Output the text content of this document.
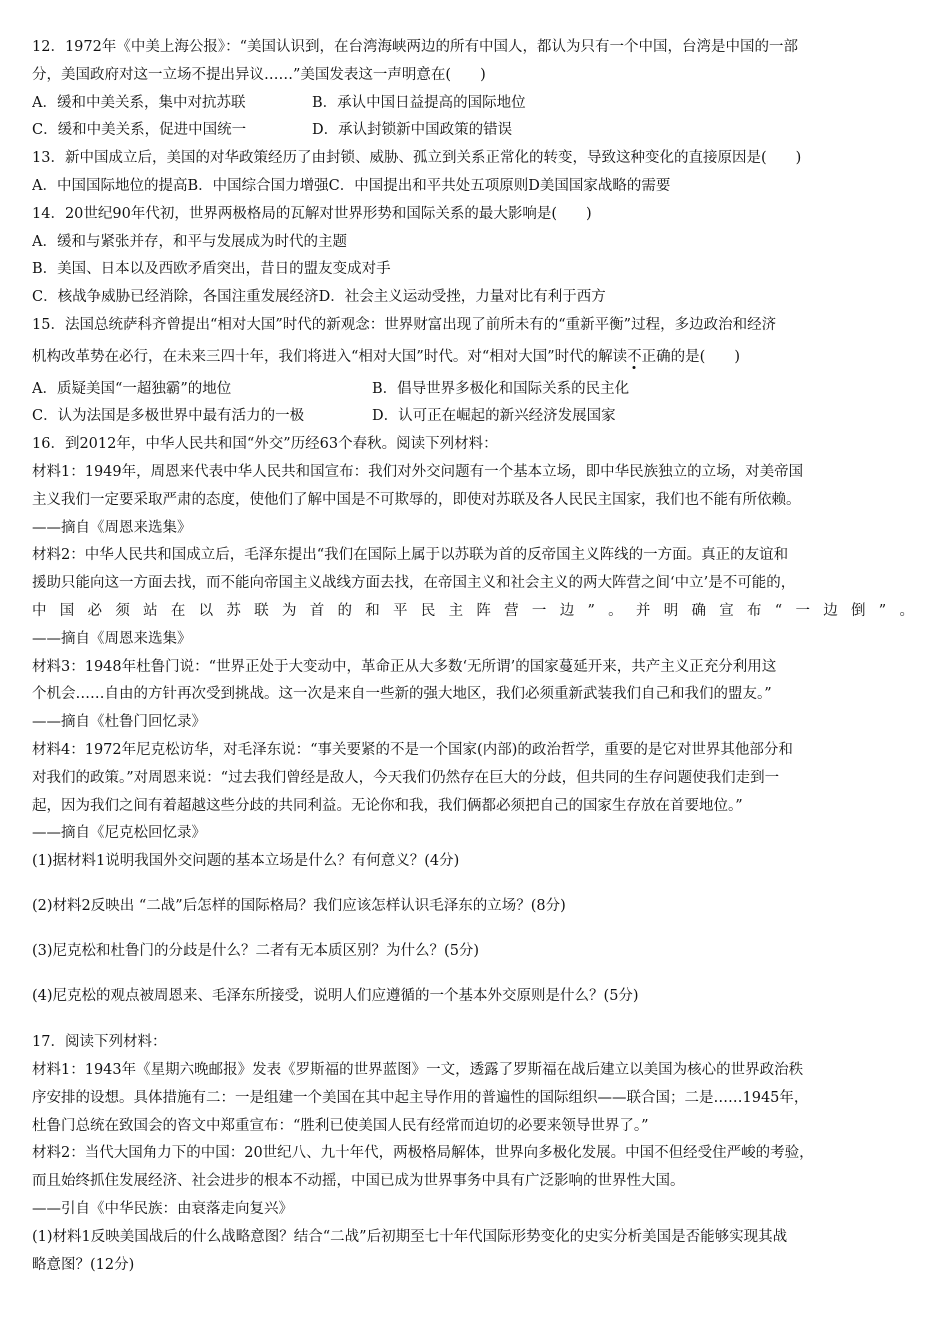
12．1972年《中美上海公报》：“美国认识到，在台湾海峡两边的所有中国人，都认为只有一个中国，台湾是中国的一部
分，美国政府对这一立场不提出异议……”美国发表这一声明意在(　　)
A．缓和中美关系，集中对抗苏联	B．承认中国日益提高的国际地位
C．缓和中美关系，促进中国统一	D．承认封锁新中国政策的错误
13．新中国成立后，美国的对华政策经历了由封锁、威胁、孤立到关系正常化的转变，导致这种变化的直接原因是(　　)
A．中国国际地位的提高B．中国综合国力增强C．中国提出和平共处五项原则D美国国家战略的需要
14．20世纪90年代初，世界两极格局的瓦解对世界形势和国际关系的最大影响是(　　)
A．缓和与紧张并存，和平与发展成为时代的主题
B．美国、日本以及西欧矛盾突出，昔日的盟友变成对手
C．核战争威胁已经消除，各国注重发展经济D．社会主义运动受挫，力量对比有利于西方
15．法国总统萨科齐曾提出“相对大国”时代的新观念：世界财富出现了前所未有的“重新平衡”过程，多边政治和经济
机构改革势在必行，在未来三四十年，我们将进入“相对大国”时代。对“相对大国”时代的解读不正确的是(　　)
A．质疑美国“一超独霸”的地位	B．倡导世界多极化和国际关系的民主化
C．认为法国是多极世界中最有活力的一极	D．认可正在崛起的新兴经济发展国家
16．到2012年，中华人民共和国“外交”历经63个春秋。阅读下列材料：
材料1：1949年，周恩来代表中华人民共和国宣布：我们对外交问题有一个基本立场，即中华民族独立的立场，对美帝国
主义我们一定要采取严肃的态度，使他们了解中国是不可欺辱的，即使对苏联及各人民民主国家，我们也不能有所依赖。
——摘自《周恩来选集》
材料2：中华人民共和国成立后，毛泽东提出“我们在国际上属于以苏联为首的反帝国主义阵线的一方面。真正的友谊和
援助只能向这一方面去找，而不能向帝国主义战线方面去找，在帝国主义和社会主义的两大阵营之间‘中立’是不可能的，
中国必须站在以苏联为首的和平民主阵营一边”。并明确宣布“一边倒”。
——摘自《周恩来选集》
材料3：1948年杜鲁门说：“世界正处于大变动中，革命正从大多数‘无所谓’的国家蔓延开来，共产主义正充分利用这
个机会……自由的方针再次受到挑战。这一次是来自一些新的强大地区，我们必须重新武装我们自己和我们的盟友。”
——摘自《杜鲁门回忆录》
材料4：1972年尼克松访华，对毛泽东说：“事关要紧的不是一个国家(内部)的政治哲学，重要的是它对世界其他部分和
对我们的政策。”对周恩来说：“过去我们曾经是敌人，今天我们仍然存在巨大的分歧，但共同的生存问题使我们走到一
起，因为我们之间有着超越这些分歧的共同利益。无论你和我，我们俩都必须把自己的国家生存放在首要地位。”
——摘自《尼克松回忆录》
(1)据材料1说明我国外交问题的基本立场是什么？有何意义？(4分)
(2)材料2反映出 “二战”后怎样的国际格局？我们应该怎样认识毛泽东的立场？(8分)
(3)尼克松和杜鲁门的分歧是什么？二者有无本质区别？为什么？(5分)
(4)尼克松的观点被周恩来、毛泽东所接受，说明人们应遵循的一个基本外交原则是什么？(5分)
17．阅读下列材料：
材料1：1943年《星期六晚邮报》发表《罗斯福的世界蓝图》一文，透露了罗斯福在战后建立以美国为核心的世界政治秩
序安排的设想。具体措施有二：一是组建一个美国在其中起主导作用的普遍性的国际组织——联合国；二是……1945年，
杜鲁门总统在致国会的咨文中郑重宣布：“胜利已使美国人民有经常而迫切的必要来领导世界了。”
材料2：当代大国角力下的中国：20世纪八、九十年代，两极格局解体，世界向多极化发展。中国不但经受住严峻的考验，
而且始终抓住发展经济、社会进步的根本不动摇，中国已成为世界事务中具有广泛影响的世界性大国。
——引自《中华民族：由衰落走向复兴》
(1)材料1反映美国战后的什么战略意图？结合“二战”后初期至七十年代国际形势变化的史实分析美国是否能够实现其战
略意图？(12分)
